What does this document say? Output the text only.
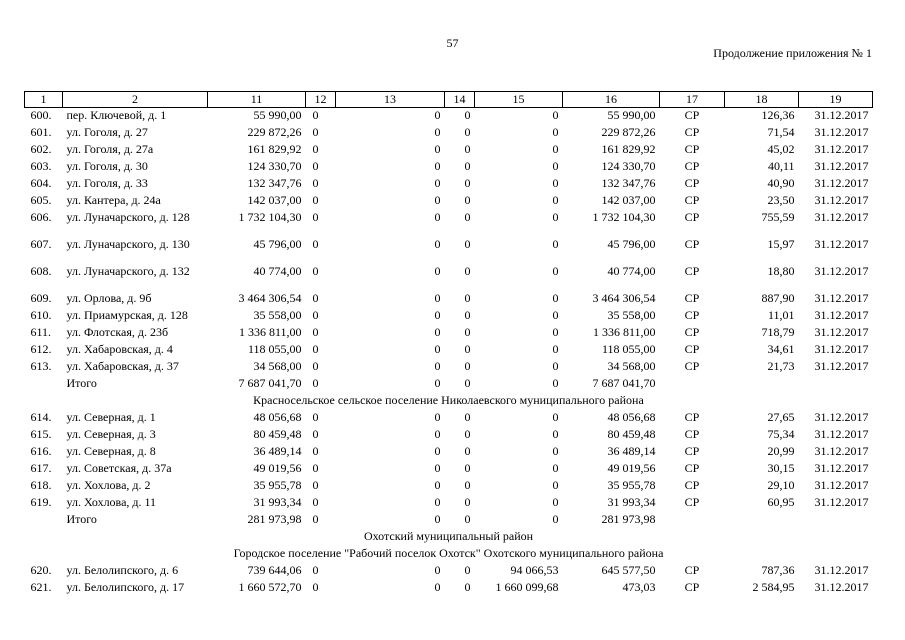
57
Продолжение приложения № 1
1	2	11	12	13	14	15	16	17	18	19
600.	пер. Ключевой, д. 1	55 990,00	0	0	0	0	55 990,00	СР	126,36	31.12.2017
601.	ул. Гоголя, д. 27	229 872,26	0	0	0	0	229 872,26	СР	71,54	31.12.2017
602.	ул. Гоголя, д. 27а	161 829,92	0	0	0	0	161 829,92	СР	45,02	31.12.2017
603.	ул. Гоголя, д. 30	124 330,70	0	0	0	0	124 330,70	СР	40,11	31.12.2017
604.	ул. Гоголя, д. 33	132 347,76	0	0	0	0	132 347,76	СР	40,90	31.12.2017
605.	ул. Кантера, д. 24а	142 037,00	0	0	0	0	142 037,00	СР	23,50	31.12.2017
606.	ул. Луначарского, д. 128	1 732 104,30	0	0	0	0	1 732 104,30	СР	755,59	31.12.2017
607.	ул. Луначарского, д. 130	45 796,00	0	0	0	0	45 796,00	СР	15,97	31.12.2017
608.	ул. Луначарского, д. 132	40 774,00	0	0	0	0	40 774,00	СР	18,80	31.12.2017
609.	ул. Орлова, д. 9б	3 464 306,54	0	0	0	0	3 464 306,54	СР	887,90	31.12.2017
610.	ул. Приамурская, д. 128	35 558,00	0	0	0	0	35 558,00	СР	11,01	31.12.2017
611.	ул. Флотская, д. 23б	1 336 811,00	0	0	0	0	1 336 811,00	СР	718,79	31.12.2017
612.	ул. Хабаровская, д. 4	118 055,00	0	0	0	0	118 055,00	СР	34,61	31.12.2017
613.	ул. Хабаровская, д. 37	34 568,00	0	0	0	0	34 568,00	СР	21,73	31.12.2017
	Итого	7 687 041,70	0	0	0	0	7 687 041,70			
Красносельское сельское поселение Николаевского муниципального района										
614.	ул. Северная, д. 1	48 056,68	0	0	0	0	48 056,68	СР	27,65	31.12.2017
615.	ул. Северная, д. 3	80 459,48	0	0	0	0	80 459,48	СР	75,34	31.12.2017
616.	ул. Северная, д. 8	36 489,14	0	0	0	0	36 489,14	СР	20,99	31.12.2017
617.	ул. Советская, д. 37а	49 019,56	0	0	0	0	49 019,56	СР	30,15	31.12.2017
618.	ул. Хохлова, д. 2	35 955,78	0	0	0	0	35 955,78	СР	29,10	31.12.2017
619.	ул. Хохлова, д. 11	31 993,34	0	0	0	0	31 993,34	СР	60,95	31.12.2017
	Итого	281 973,98	0	0	0	0	281 973,98			
Охотский муниципальный район										
Городское поселение "Рабочий поселок Охотск" Охотского муниципального района										
620.	ул. Белолипского, д. 6	739 644,06	0	0	0	94 066,53	645 577,50	СР	787,36	31.12.2017
621.	ул. Белолипского, д. 17	1 660 572,70	0	0	0	1 660 099,68	473,03	СР	2 584,95	31.12.2017
